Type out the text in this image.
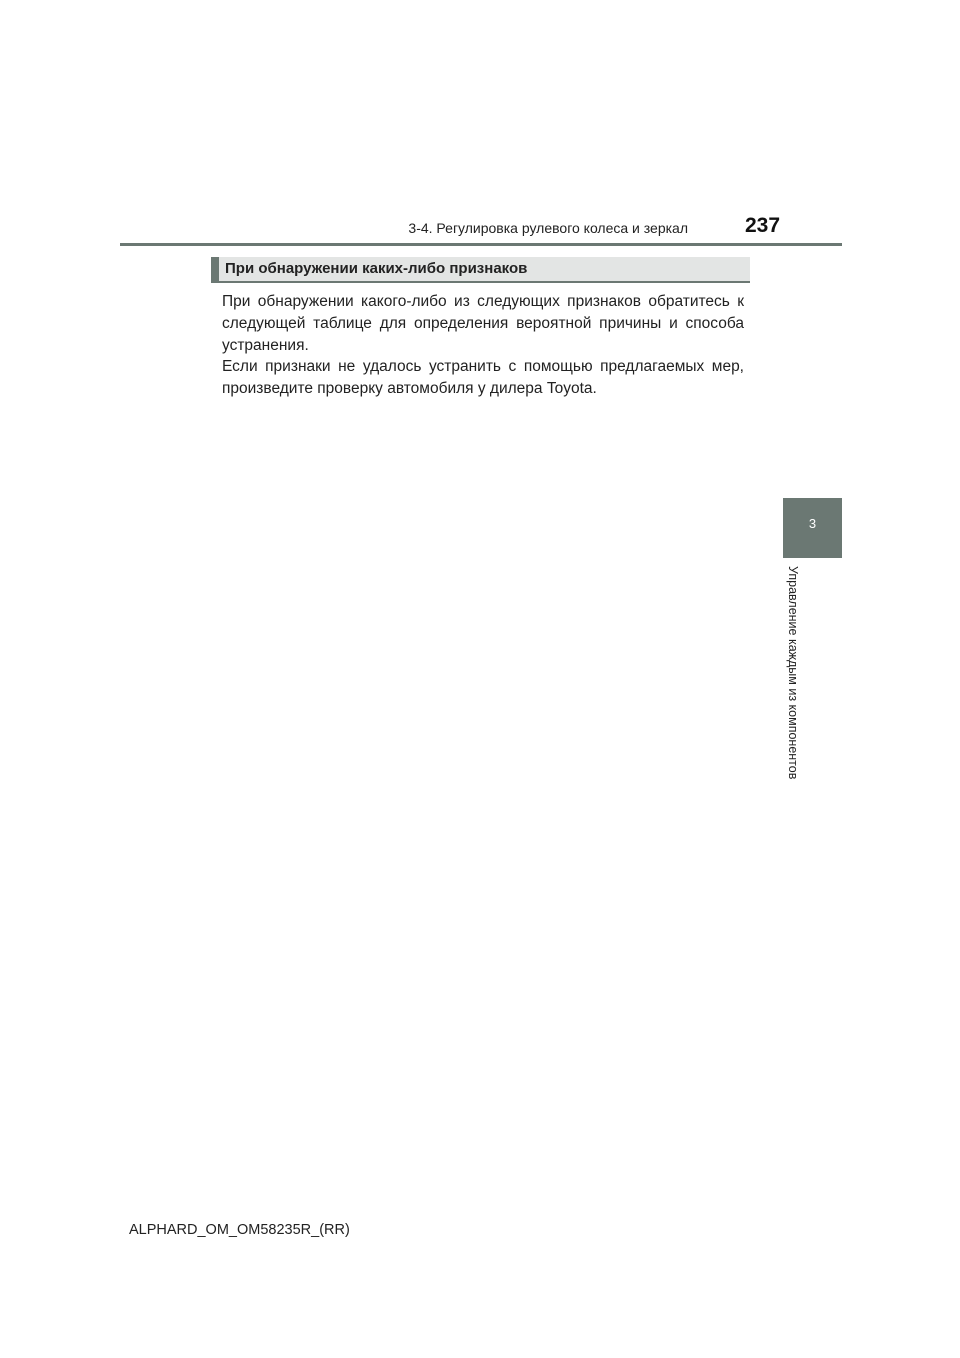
3-4. Регулировка рулевого колеса и зеркал	237
При обнаружении каких-либо признаков

При обнаружении какого-либо из следующих признаков обратитесь к следующей таблице для определения вероятной причины и способа устранения.

Если признаки не удалось устранить с помощью предлагаемых мер, произведите проверку автомобиля у дилера Toyota.

3
Управление каждым из компонентов
ALPHARD_OM_OM58235R_(RR)
